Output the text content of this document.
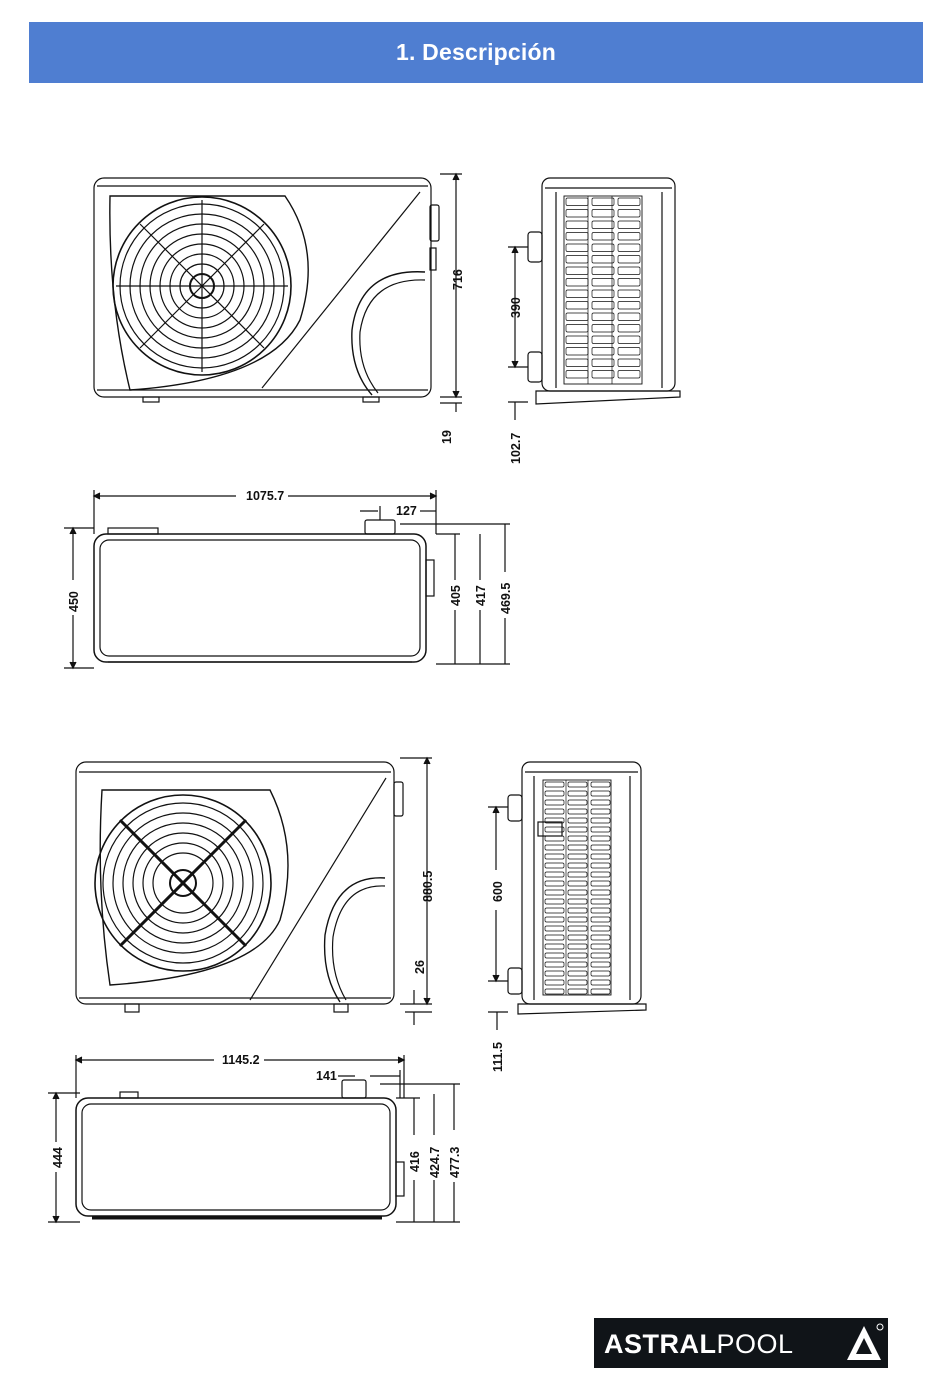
1. Descripción
716
19
390
102.7
1075.7
127
450	405 417 469.5
880.5
26
600
111.5
1145.2
141
444	416 424.7 477.3
ASTRALPOOL
